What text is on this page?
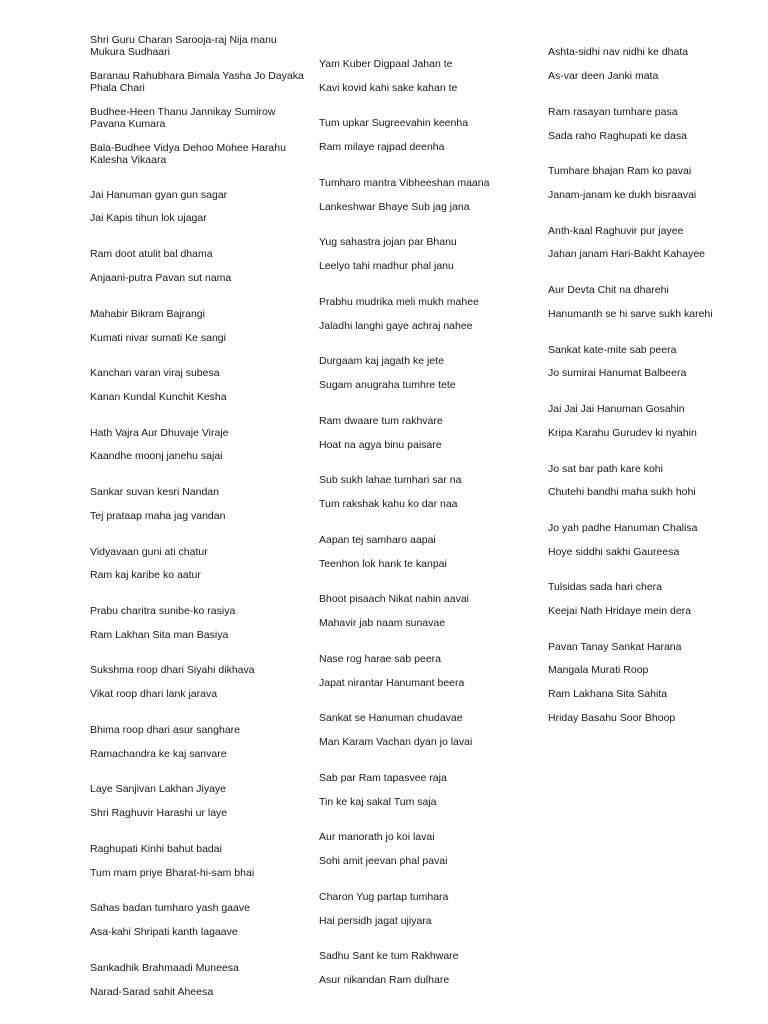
Shri Guru Charan Sarooja-raj Nija manu Mukura Sudhaari
Baranau Rahubhara Bimala Yasha Jo Dayaka Phala Chari
Budhee-Heen Thanu Jannikay Sumirow Pavana Kumara
Bala-Budhee Vidya Dehoo Mohee Harahu Kalesha Vikaara
Jai Hanuman gyan gun sagar
Jai Kapis tihun lok ujagar
Ram doot atulit bal dhama
Anjaani-putra Pavan sut nama
Mahabir Bikram Bajrangi
Kumati nivar sumati Ke sangi
Kanchan varan viraj subesa
Kanan Kundal Kunchit Kesha
Hath Vajra Aur Dhuvaje Viraje
Kaandhe moonj janehu sajai
Sankar suvan kesri Nandan
Tej prataap maha jag vandan
Vidyavaan guni ati chatur
Ram kaj karibe ko aatur
Prabu charitra sunibe-ko rasiya
Ram Lakhan Sita man Basiya
Sukshma roop dhari Siyahi dikhava
Vikat roop dhari lank jarava
Bhima roop dhari asur sanghare
Ramachandra ke kaj sanvare
Laye Sanjivan Lakhan Jiyaye
Shri Raghuvir Harashi ur laye
Raghupati Kinhi bahut badai
Tum mam priye Bharat-hi-sam bhai
Sahas badan tumharo yash gaave
Asa-kahi Shripati kanth lagaave
Sankadhik Brahmaadi Muneesa
Narad-Sarad sahit Aheesa
Yam Kuber Digpaal Jahan te
Kavi kovid kahi sake kahan te
Tum upkar Sugreevahin keenha
Ram milaye rajpad deenha
Tumharo mantra Vibheeshan maana
Lankeshwar Bhaye Sub jag jana
Yug sahastra jojan par Bhanu
Leelyo tahi madhur phal janu
Prabhu mudrika meli mukh mahee
Jaladhi langhi gaye achraj nahee
Durgaam kaj jagath ke jete
Sugam anugraha tumhre tete
Ram dwaare tum rakhvare
Hoat na agya binu paisare
Sub sukh lahae tumhari sar na
Tum rakshak kahu ko dar naa
Aapan tej samharo aapai
Teenhon lok hank te kanpai
Bhoot pisaach Nikat nahin aavai
Mahavir jab naam sunavae
Nase rog harae sab peera
Japat nirantar Hanumant beera
Sankat se Hanuman chudavae
Man Karam Vachan dyan jo lavai
Sab par Ram tapasvee raja
Tin ke kaj sakal Tum saja
Aur manorath jo koi lavai
Sohi amit jeevan phal pavai
Charon Yug partap tumhara
Hai persidh jagat ujiyara
Sadhu Sant ke tum Rakhware
Asur nikandan Ram dulhare
Ashta-sidhi nav nidhi ke dhata
As-var deen Janki mata
Ram rasayan tumhare pasa
Sada raho Raghupati ke dasa
Tumhare bhajan Ram ko pavai
Janam-janam ke dukh bisraavai
Anth-kaal Raghuvir pur jayee
Jahan janam Hari-Bakht Kahayee
Aur Devta Chit na dharehi
Hanumanth se hi sarve sukh karehi
Sankat kate-mite sab peera
Jo sumirai Hanumat Balbeera
Jai Jai Jai Hanuman Gosahin
Kripa Karahu Gurudev ki nyahin
Jo sat bar path kare kohi
Chutehi bandhi maha sukh hohi
Jo yah padhe Hanuman Chalisa
Hoye siddhi sakhi Gaureesa
Tulsidas sada hari chera
Keejai Nath Hridaye mein dera
Pavan Tanay Sankat Harana
Mangala Murati Roop
Ram Lakhana Sita Sahita
Hriday Basahu Soor Bhoop
